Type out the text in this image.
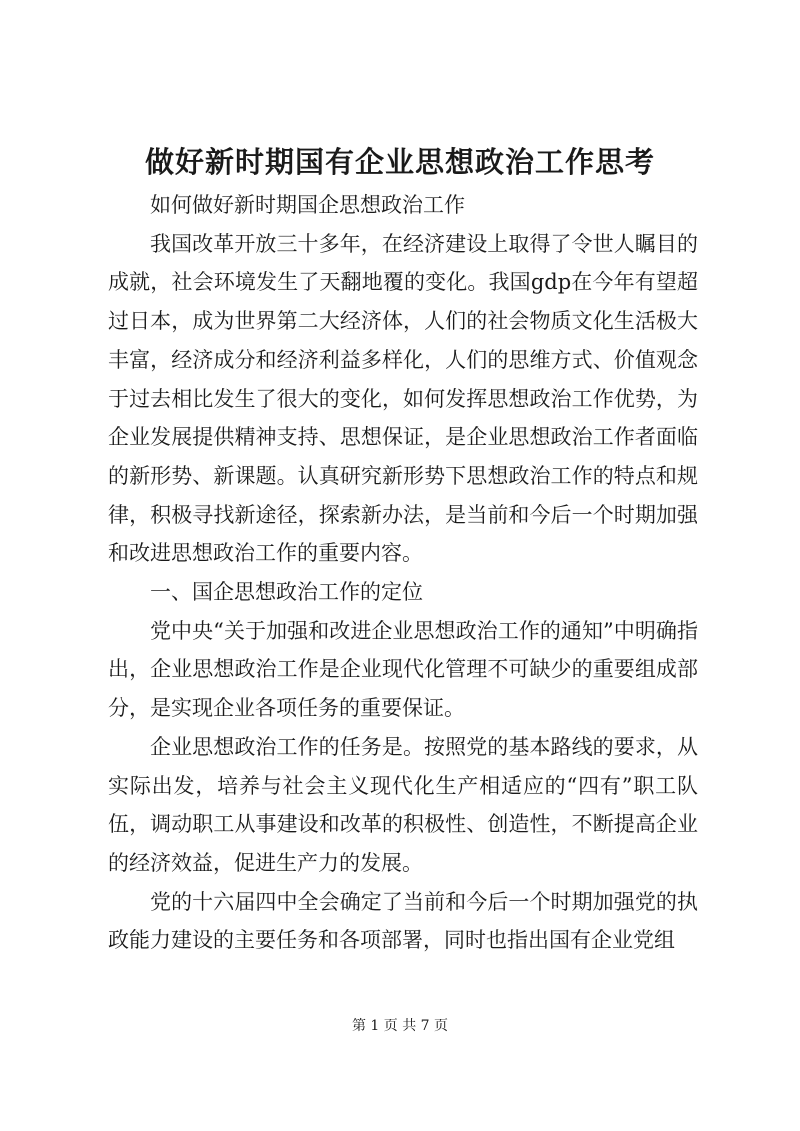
做好新时期国有企业思想政治工作思考

如何做好新时期国企思想政治工作

我国改革开放三十多年，在经济建设上取得了令世人瞩目的成就，社会环境发生了天翻地覆的变化。我国gdp在今年有望超过日本，成为世界第二大经济体，人们的社会物质文化生活极大丰富，经济成分和经济利益多样化，人们的思维方式、价值观念于过去相比发生了很大的变化，如何发挥思想政治工作优势，为企业发展提供精神支持、思想保证，是企业思想政治工作者面临的新形势、新课题。认真研究新形势下思想政治工作的特点和规律，积极寻找新途径，探索新办法，是当前和今后一个时期加强和改进思想政治工作的重要内容。

一、国企思想政治工作的定位

党中央“关于加强和改进企业思想政治工作的通知”中明确指出，企业思想政治工作是企业现代化管理不可缺少的重要组成部分，是实现企业各项任务的重要保证。

企业思想政治工作的任务是。按照党的基本路线的要求，从实际出发，培养与社会主义现代化生产相适应的“四有”职工队伍，调动职工从事建设和改革的积极性、创造性，不断提高企业的经济效益，促进生产力的发展。

党的十六届四中全会确定了当前和今后一个时期加强党的执政能力建设的主要任务和各项部署，同时也指出国有企业党组

第 1 页 共 7 页
